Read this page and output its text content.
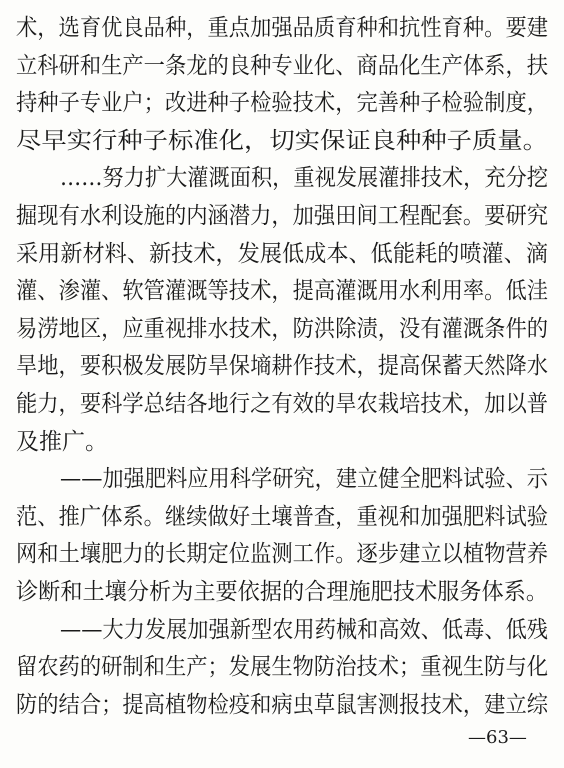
术，选育优良品种，重点加强品质育种和抗性育种。要建
立科研和生产一条龙的良种专业化、商品化生产体系，扶
持种子专业户；改进种子检验技术，完善种子检验制度，
尽早实行种子标准化，切实保证良种种子质量。
……努力扩大灌溉面积，重视发展灌排技术，充分挖
掘现有水利设施的内涵潜力，加强田间工程配套。要研究
采用新材料、新技术，发展低成本、低能耗的喷灌、滴
灌、渗灌、软管灌溉等技术，提高灌溉用水利用率。低洼
易涝地区，应重视排水技术，防洪除渍，没有灌溉条件的
旱地，要积极发展防旱保墒耕作技术，提高保蓄天然降水
能力，要科学总结各地行之有效的旱农栽培技术，加以普
及推广。
——加强肥料应用科学研究，建立健全肥料试验、示
范、推广体系。继续做好土壤普查，重视和加强肥料试验
网和土壤肥力的长期定位监测工作。逐步建立以植物营养
诊断和土壤分析为主要依据的合理施肥技术服务体系。
——大力发展加强新型农用药械和高效、低毒、低残
留农药的研制和生产；发展生物防治技术；重视生防与化
防的结合；提高植物检疫和病虫草鼠害测报技术，建立综
—63—
